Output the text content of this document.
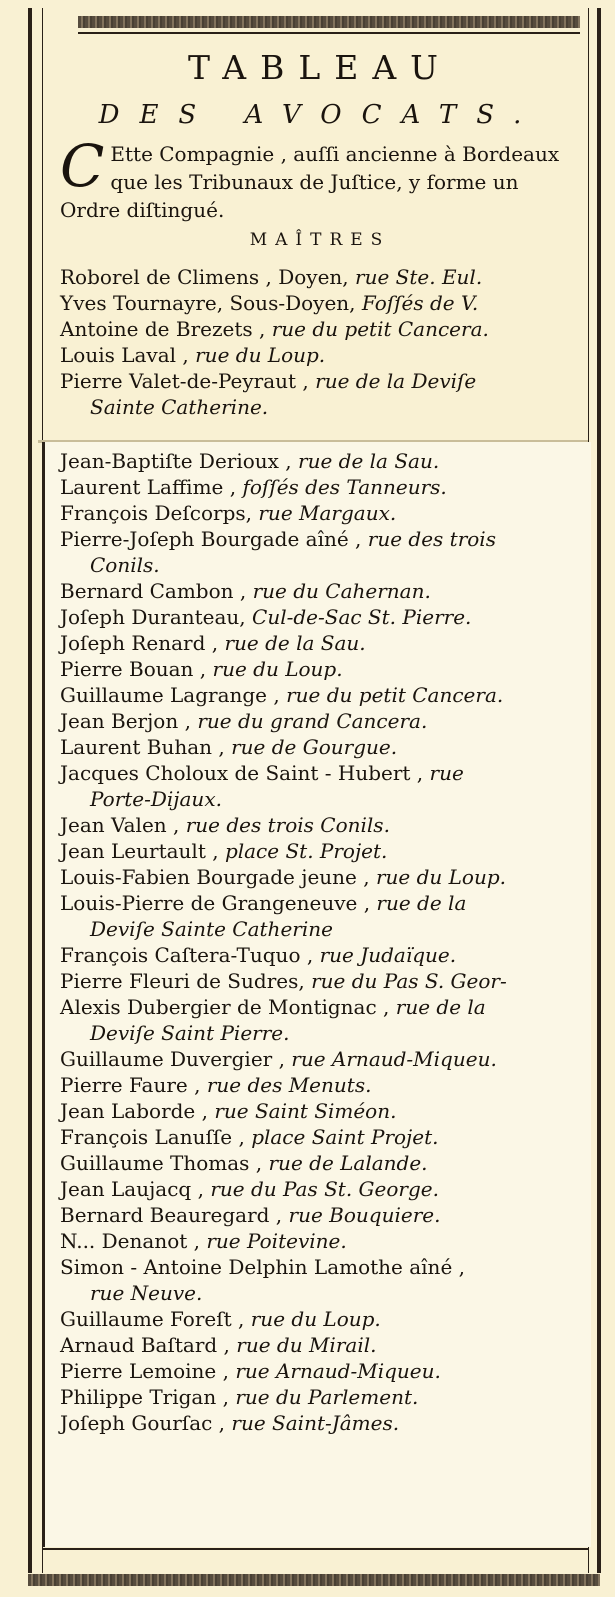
TABLEAU
DES AVOCATS.
C Ette Compagnie , auſſi ancienne à Bordeaux que les Tribunaux de Juſtice, y forme un Ordre diſtingué.
MAÎTRES
Roborel de Climens , Doyen, rue Ste. Eul.
Yves Tournayre, Sous-Doyen, Foſſés de V.
Antoine de Brezets , rue du petit Cancera.
Louis Laval , rue du Loup.
Pierre Valet-de-Peyraut , rue de la Deviſe
Sainte Catherine.
Jean-Baptiſte Derioux , rue de la Sau.
Laurent Laffime , foſſés des Tanneurs.
François Deſcorps, rue Margaux.
Pierre-Joſeph Bourgade aîné , rue des trois
Conils.
Bernard Cambon , rue du Cahernan.
Joſeph Duranteau, Cul-de-Sac St. Pierre.
Joſeph Renard , rue de la Sau.
Pierre Bouan , rue du Loup.
Guillaume Lagrange , rue du petit Cancera.
Jean Berjon , rue du grand Cancera.
Laurent Buhan , rue de Gourgue.
Jacques Choloux de Saint - Hubert , rue
Porte-Dijaux.
Jean Valen , rue des trois Conils.
Jean Leurtault , place St. Projet.
Louis-Fabien Bourgade jeune , rue du Loup.
Louis-Pierre de Grangeneuve , rue de la
Deviſe Sainte Catherine
François Caſtera-Tuquo , rue Judaïque.
Pierre Fleuri de Sudres, rue du Pas S. Geor-
Alexis Dubergier de Montignac , rue de la
Deviſe Saint Pierre.
Guillaume Duvergier , rue Arnaud-Miqueu.
Pierre Faure , rue des Menuts.
Jean Laborde , rue Saint Siméon.
François Lanuſſe , place Saint Projet.
Guillaume Thomas , rue de Lalande.
Jean Laujacq , rue du Pas St. George.
Bernard Beauregard , rue Bouquiere.
N... Denanot , rue Poitevine.
Simon - Antoine Delphin Lamothe aîné ,
rue Neuve.
Guillaume Foreſt , rue du Loup.
Arnaud Baſtard , rue du Mirail.
Pierre Lemoine , rue Arnaud-Miqueu.
Philippe Trigan , rue du Parlement.
Joſeph Gourſac , rue Saint-Jâmes.
